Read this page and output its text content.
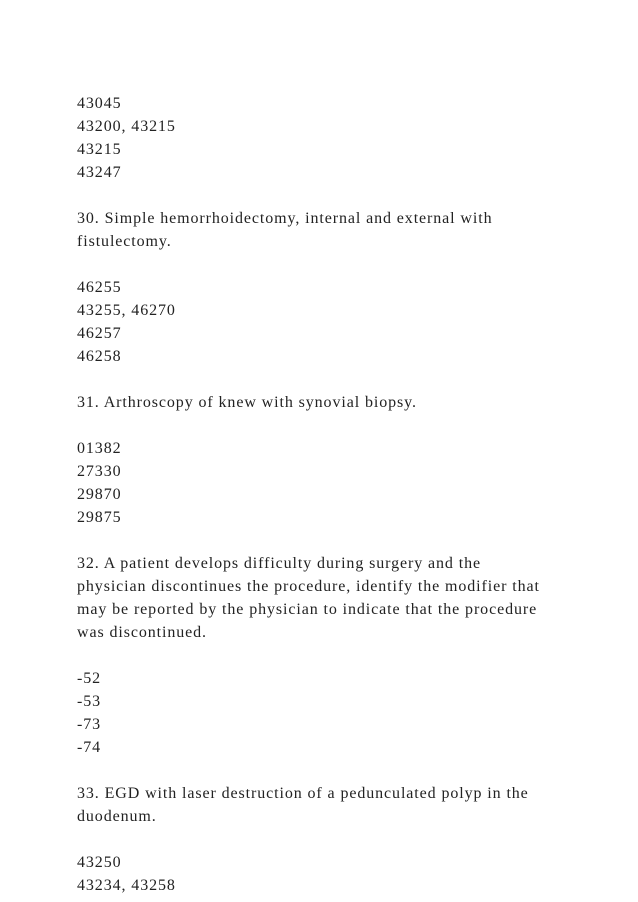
43045
43200, 43215
43215
43247
30. Simple hemorrhoidectomy, internal and external with
fistulectomy.
46255
43255, 46270
46257
46258
31. Arthroscopy of knew with synovial biopsy.
01382
27330
29870
29875
32. A patient develops difficulty during surgery and the
physician discontinues the procedure, identify the modifier that
may be reported by the physician to indicate that the procedure
was discontinued.
-52
-53
-73
-74
33. EGD with laser destruction of a pedunculated polyp in the
duodenum.
43250
43234, 43258
